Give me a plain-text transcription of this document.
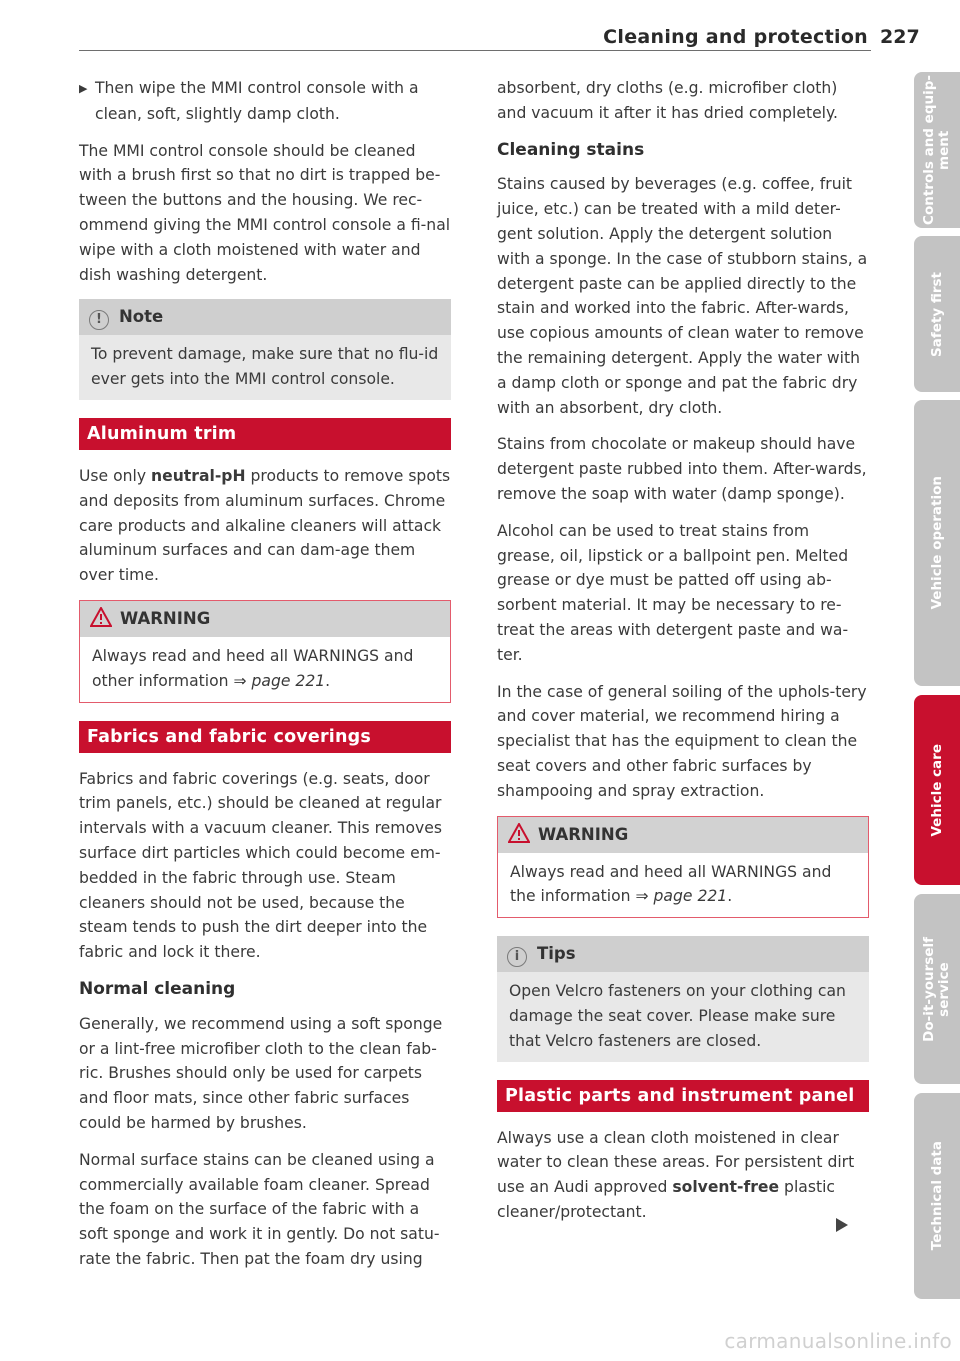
Cleaning and protection 227

▶ Then wipe the MMI control console with a clean, soft, slightly damp cloth.

The MMI control console should be cleaned with a brush first so that no dirt is trapped be-tween the buttons and the housing. We rec-ommend giving the MMI control console a fi-nal wipe with a cloth moistened with water and dish washing detergent.

! Note
To prevent damage, make sure that no flu-id ever gets into the MMI control console.
Aluminum trim

Use only neutral-pH products to remove spots and deposits from aluminum surfaces. Chrome care products and alkaline cleaners will attack aluminum surfaces and can dam-age them over time.

WARNING
Always read and heed all WARNINGS and other information ⇒ page 221.
Fabrics and fabric coverings

Fabrics and fabric coverings (e.g. seats, door trim panels, etc.) should be cleaned at regular intervals with a vacuum cleaner. This removes surface dirt particles which could become em-bedded in the fabric through use. Steam cleaners should not be used, because the steam tends to push the dirt deeper into the fabric and lock it there.

Normal cleaning

Generally, we recommend using a soft sponge or a lint-free microfiber cloth to the clean fab-ric. Brushes should only be used for carpets and floor mats, since other fabric surfaces could be harmed by brushes.

Normal surface stains can be cleaned using a commercially available foam cleaner. Spread the foam on the surface of the fabric with a soft sponge and work it in gently. Do not satu-rate the fabric. Then pat the foam dry using

absorbent, dry cloths (e.g. microfiber cloth) and vacuum it after it has dried completely.

Cleaning stains

Stains caused by beverages (e.g. coffee, fruit juice, etc.) can be treated with a mild deter-gent solution. Apply the detergent solution with a sponge. In the case of stubborn stains, a detergent paste can be applied directly to the stain and worked into the fabric. After-wards, use copious amounts of clean water to remove the remaining detergent. Apply the water with a damp cloth or sponge and pat the fabric dry with an absorbent, dry cloth.

Stains from chocolate or makeup should have detergent paste rubbed into them. After-wards, remove the soap with water (damp sponge).

Alcohol can be used to treat stains from grease, oil, lipstick or a ballpoint pen. Melted grease or dye must be patted off using ab-sorbent material. It may be necessary to re-treat the areas with detergent paste and wa-ter.

In the case of general soiling of the uphols-tery and cover material, we recommend hiring a specialist that has the equipment to clean the seat covers and other fabric surfaces by shampooing and spray extraction.

WARNING
Always read and heed all WARNINGS and the information ⇒ page 221.
i Tips
Open Velcro fasteners on your clothing can damage the seat cover. Please make sure that Velcro fasteners are closed.
Plastic parts and instrument panel

Always use a clean cloth moistened in clear water to clean these areas. For persistent dirt use an Audi approved solvent-free plastic cleaner/protectant.

Controls and equip-
ment
Safety first
Vehicle operation
Vehicle care
Do-it-yourself
service
Technical data
carmanualsonline.info
